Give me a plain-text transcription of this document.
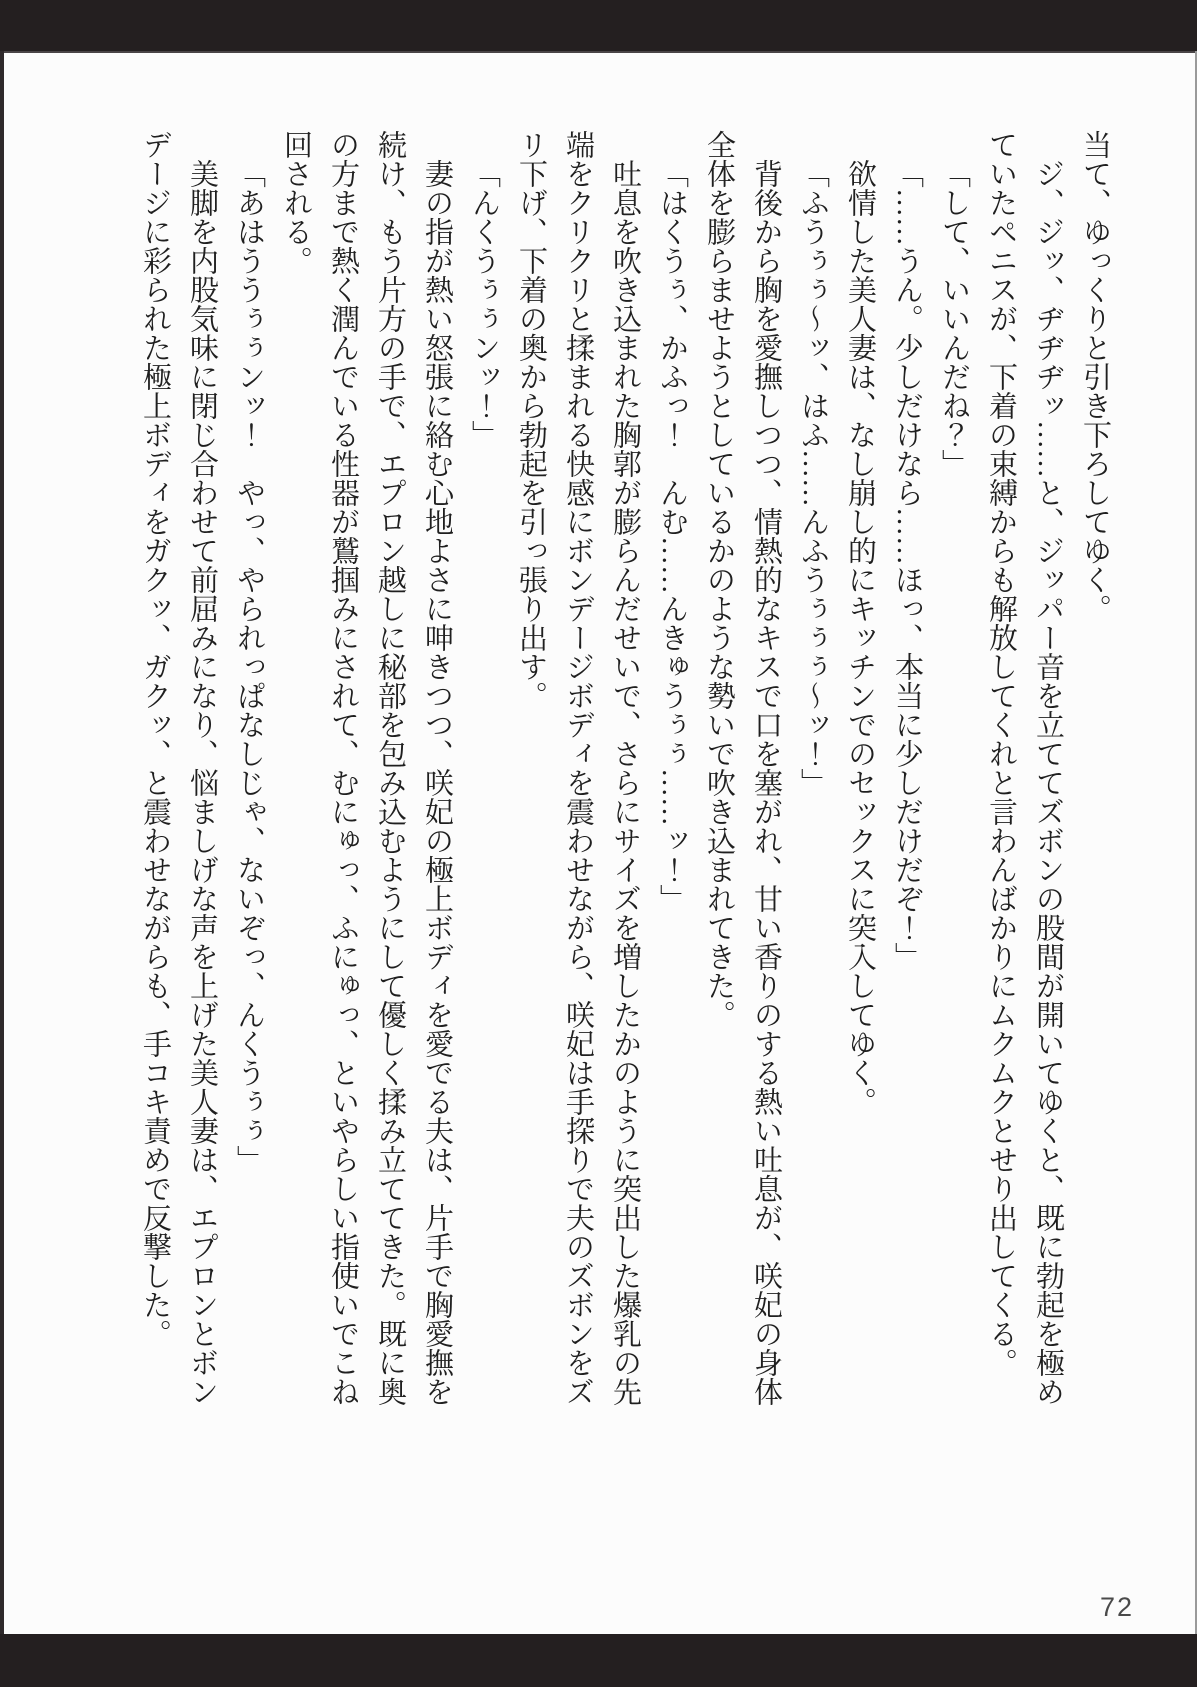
当て、ゆっくりと引き下ろしてゆく。

ジ、ジッ、ヂヂヂッ……と、ジッパー音を立ててズボンの股間が開いてゆくと、既に勃起を極めていたペニスが、下着の束縛からも解放してくれと言わんばかりにムクムクとせり出してくる。

「して、いいんだね？」

「……うん。少しだけなら……ほっ、本当に少しだけだぞ！」

欲情した美人妻は、なし崩し的にキッチンでのセックスに突入してゆく。

「ふうぅぅ〜ッ、はふ……んふうぅぅぅ〜ッ！」

背後から胸を愛撫しつつ、情熱的なキスで口を塞がれ、甘い香りのする熱い吐息が、咲妃の身体全体を膨らませようとしているかのような勢いで吹き込まれてきた。

「はくうぅ、かふっ！　んむ……んきゅうぅぅ……ッ！」

吐息を吹き込まれた胸郭が膨らんだせいで、さらにサイズを増したかのように突出した爆乳の先端をクリクリと揉まれる快感にボンデージボディを震わせながら、咲妃は手探りで夫のズボンをズリ下げ、下着の奥から勃起を引っ張り出す。

「んくうぅぅンッ！」

妻の指が熱い怒張に絡む心地よさに呻きつつ、咲妃の極上ボディを愛でる夫は、片手で胸愛撫を続け、もう片方の手で、エプロン越しに秘部を包み込むようにして優しく揉み立ててきた。既に奥の方まで熱く潤んでいる性器が鷲掴みにされて、むにゅっ、ふにゅっ、といやらしい指使いでこね回される。

「あはううぅぅンッ！　やっ、やられっぱなしじゃ、ないぞっ、んくうぅぅ」

美脚を内股気味に閉じ合わせて前屈みになり、悩ましげな声を上げた美人妻は、エプロンとボンデージに彩られた極上ボディをガクッ、ガクッ、と震わせながらも、手コキ責めで反撃した。

72
